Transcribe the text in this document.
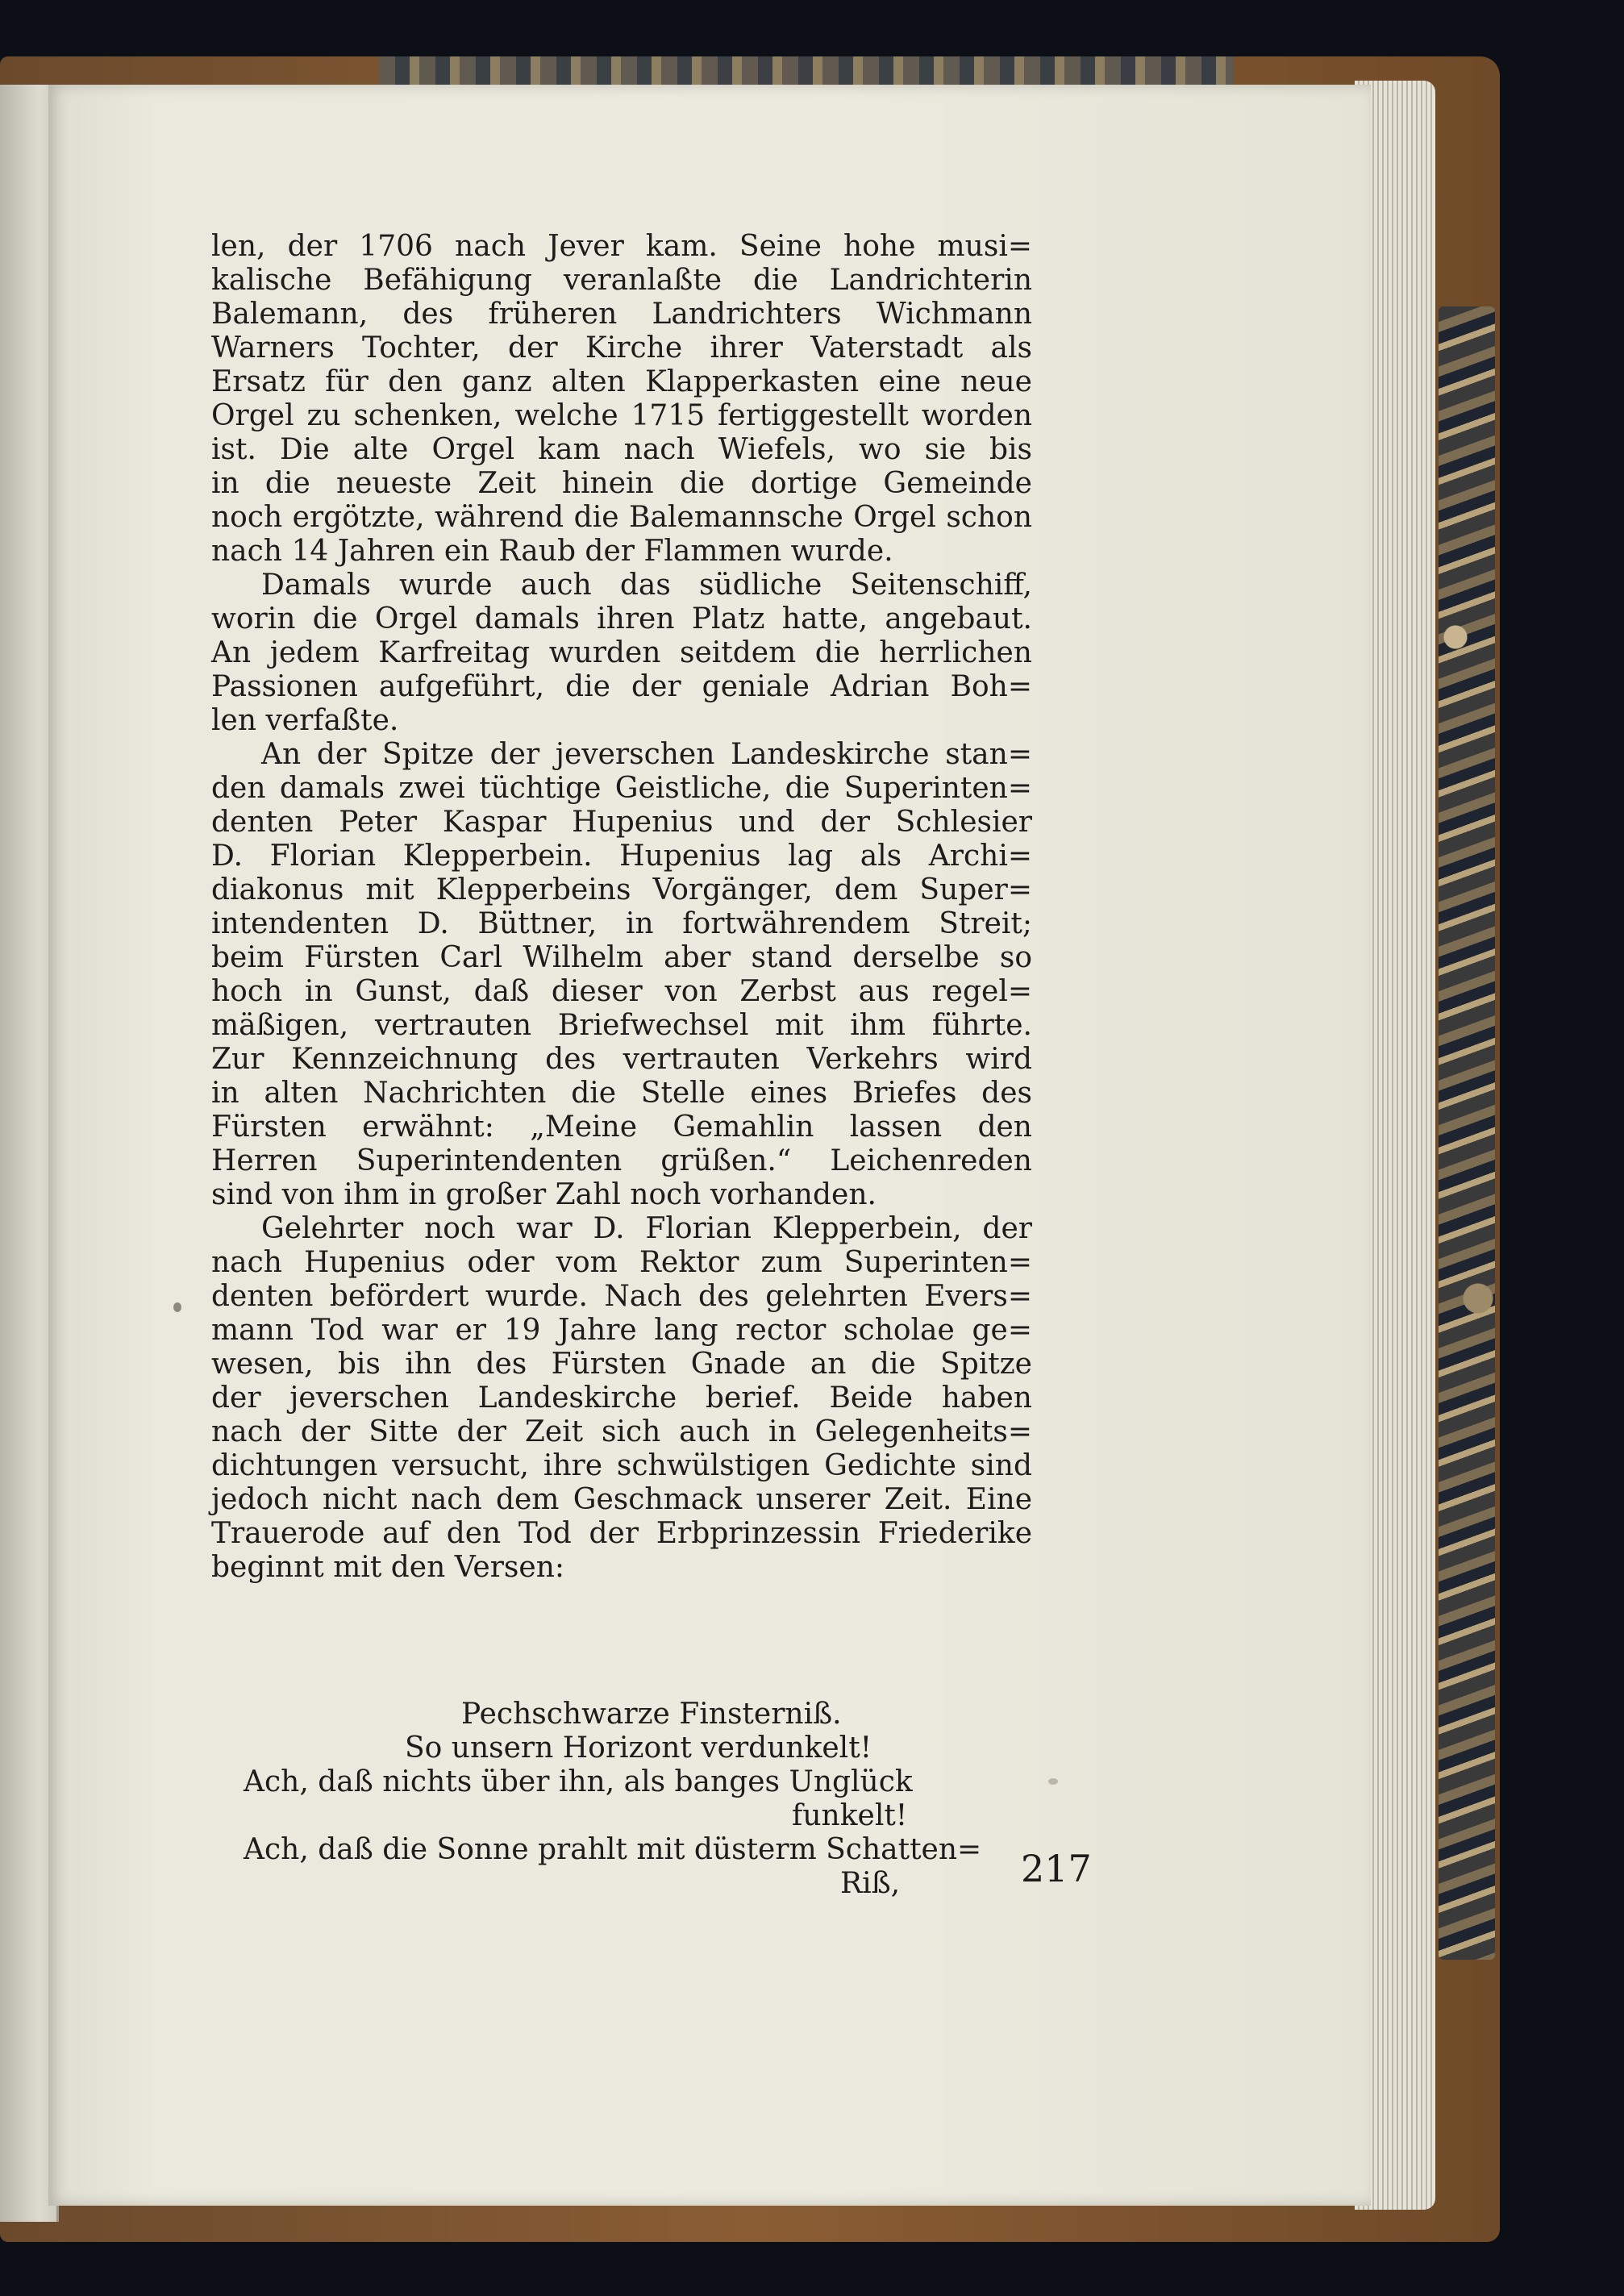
len, der 1706 nach Jever kam. Seine hohe musi=
kalische Befähigung veranlaßte die Landrichterin
Balemann, des früheren Landrichters Wichmann
Warners Tochter, der Kirche ihrer Vaterstadt als
Ersatz für den ganz alten Klapperkasten eine neue
Orgel zu schenken, welche 1715 fertiggestellt worden
ist. Die alte Orgel kam nach Wiefels, wo sie bis
in die neueste Zeit hinein die dortige Gemeinde
noch ergötzte, während die Balemannsche Orgel schon
nach 14 Jahren ein Raub der Flammen wurde.
Damals wurde auch das südliche Seitenschiff,
worin die Orgel damals ihren Platz hatte, angebaut.
An jedem Karfreitag wurden seitdem die herrlichen
Passionen aufgeführt, die der geniale Adrian Boh=
len verfaßte.
An der Spitze der jeverschen Landeskirche stan=
den damals zwei tüchtige Geistliche, die Superinten=
denten Peter Kaspar Hupenius und der Schlesier
D. Florian Klepperbein. Hupenius lag als Archi=
diakonus mit Klepperbeins Vorgänger, dem Super=
intendenten D. Büttner, in fortwährendem Streit;
beim Fürsten Carl Wilhelm aber stand derselbe so
hoch in Gunst, daß dieser von Zerbst aus regel=
mäßigen, vertrauten Briefwechsel mit ihm führte.
Zur Kennzeichnung des vertrauten Verkehrs wird
in alten Nachrichten die Stelle eines Briefes des
Fürsten erwähnt: „Meine Gemahlin lassen den
Herren Superintendenten grüßen.“ Leichenreden
sind von ihm in großer Zahl noch vorhanden.
Gelehrter noch war D. Florian Klepperbein, der
nach Hupenius oder vom Rektor zum Superinten=
denten befördert wurde. Nach des gelehrten Evers=
mann Tod war er 19 Jahre lang rector scholae ge=
wesen, bis ihn des Fürsten Gnade an die Spitze
der jeverschen Landeskirche berief. Beide haben
nach der Sitte der Zeit sich auch in Gelegenheits=
dichtungen versucht, ihre schwülstigen Gedichte sind
jedoch nicht nach dem Geschmack unserer Zeit. Eine
Trauerode auf den Tod der Erbprinzessin Friederike
beginnt mit den Versen:
Pechschwarze Finsterniß.
So unsern Horizont verdunkelt!
Ach, daß nichts über ihn, als banges Unglück
funkelt!
Ach, daß die Sonne prahlt mit düsterm Schatten=
Riß,	217
